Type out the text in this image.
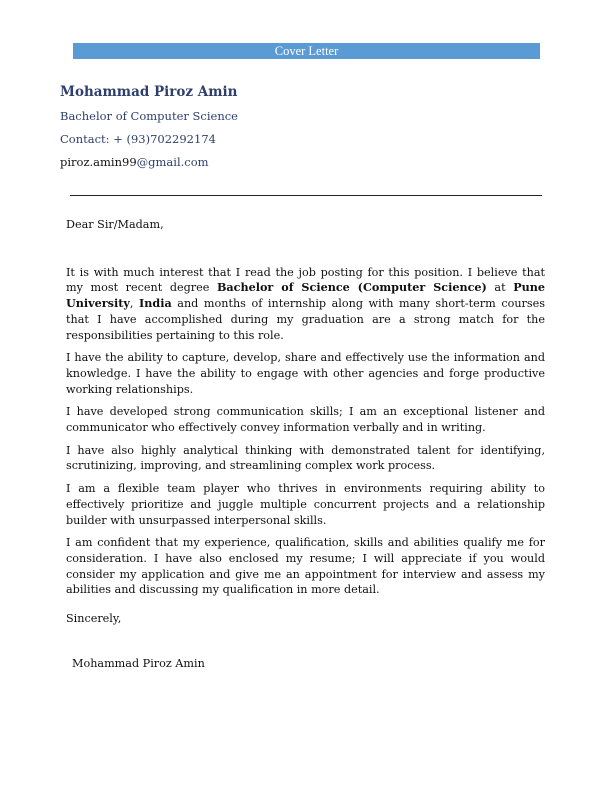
Cover Letter

Mohammad Piroz Amin

Bachelor of Computer Science

Contact: + (93)702292174

piroz.amin99@gmail.com

Dear Sir/Madam,

It is with much interest that I read the job posting for this position. I believe that my most recent degree Bachelor of Science (Computer Science) at Pune University, India and months of internship along with many short-term courses that I have accomplished during my graduation are a strong match for the responsibilities pertaining to this role.

I have the ability to capture, develop, share and effectively use the information and knowledge. I have the ability to engage with other agencies and forge productive working relationships.

I have developed strong communication skills; I am an exceptional listener and communicator who effectively convey information verbally and in writing.

I have also highly analytical thinking with demonstrated talent for identifying, scrutinizing, improving, and streamlining complex work process.

I am a flexible team player who thrives in environments requiring ability to effectively prioritize and juggle multiple concurrent projects and a relationship builder with unsurpassed interpersonal skills.

I am confident that my experience, qualification, skills and abilities qualify me for consideration. I have also enclosed my resume; I will appreciate if you would consider my application and give me an appointment for interview and assess my abilities and discussing my qualification in more detail.

Sincerely,

Mohammad Piroz Amin
